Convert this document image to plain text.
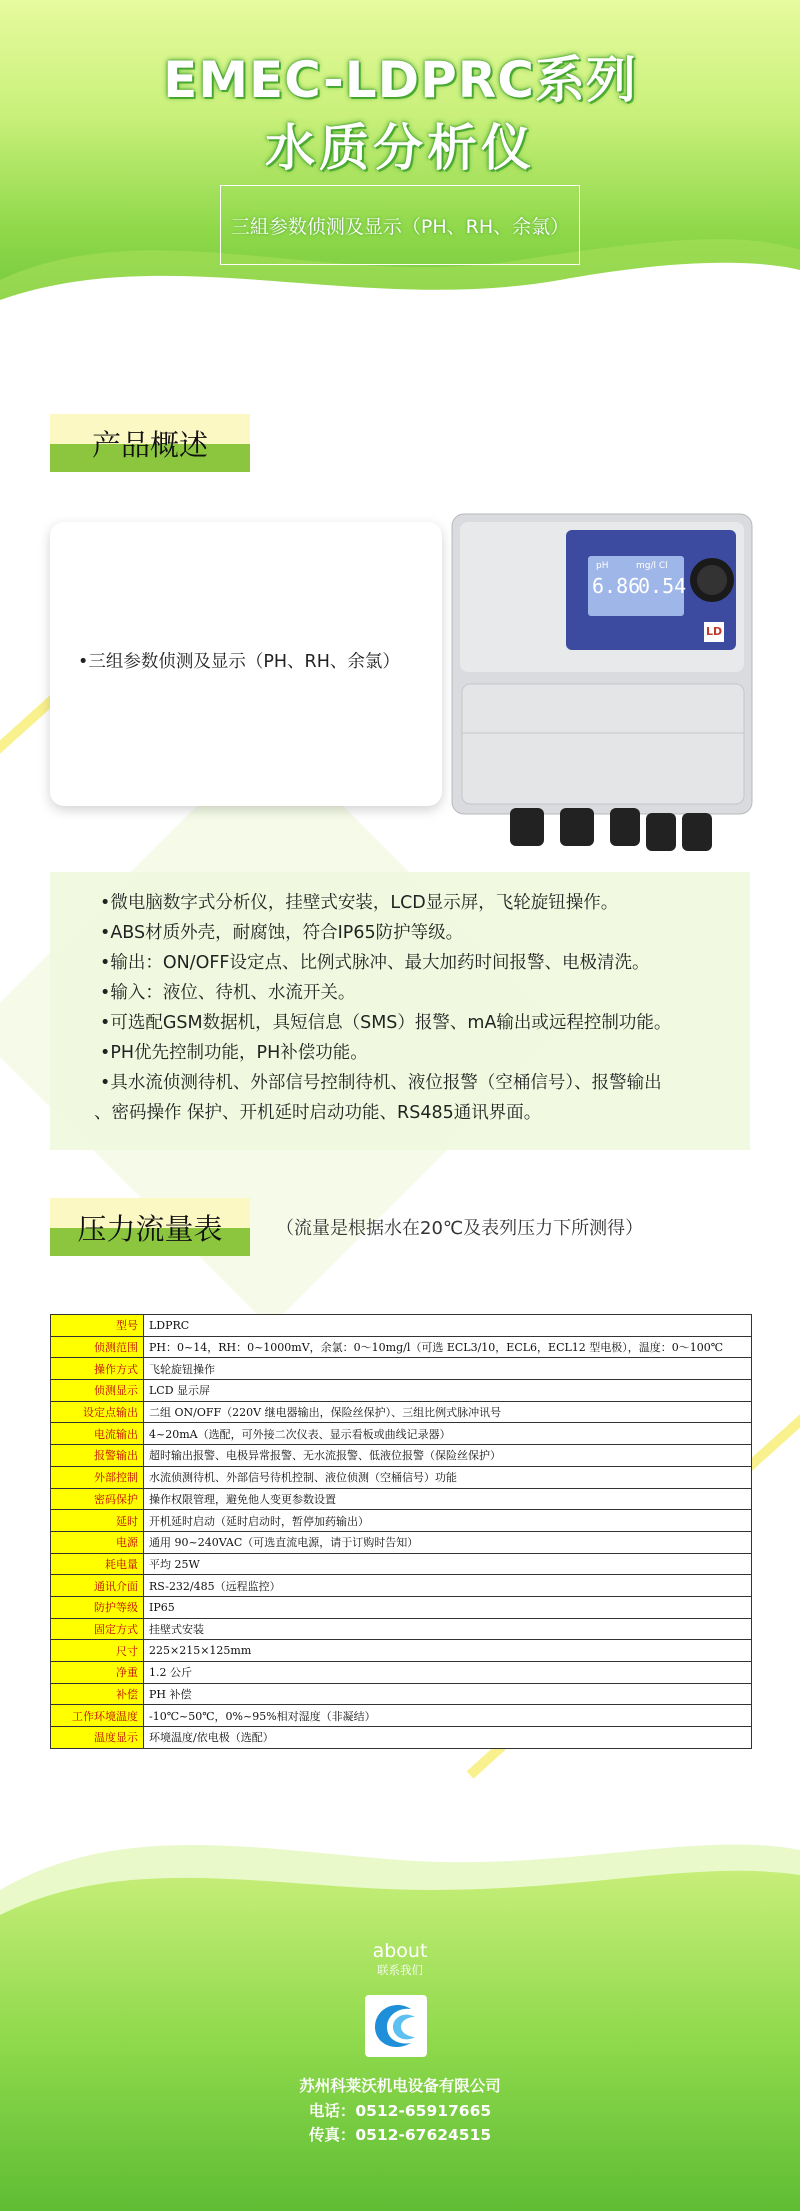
EMEC-LDPRC系列
水质分析仪
三組参数侦测及显示（PH、RH、余氯）
产品概述
•三组参数侦测及显示（PH、RH、余氯）
pH	mg/l Cl
6.86
0.54
LD
•微电脑数字式分析仪，挂壁式安装，LCD显示屏，飞轮旋钮操作。
•ABS材质外壳，耐腐蚀，符合IP65防护等级。
•输出：ON/OFF设定点、比例式脉冲、最大加药时间报警、电极清洗。
•输入：液位、待机、水流开关。
•可选配GSM数据机，具短信息（SMS）报警、mA输出或远程控制功能。
•PH优先控制功能，PH补偿功能。
•具水流侦测待机、外部信号控制待机、液位报警（空桶信号）、报警输出
、密码操作 保护、开机延时启动功能、RS485通讯界面。
压力流量表	（流量是根据水在20℃及表列压力下所测得）
型号	LDPRC
侦测范围	PH：0~14，RH：0~1000mV，余氯：0～10mg/l（可选 ECL3/10，ECL6，ECL12 型电极），温度：0～100℃
操作方式	飞轮旋钮操作
侦测显示	LCD 显示屏
设定点输出	二组 ON/OFF（220V 继电器输出，保险丝保护）、三组比例式脉冲讯号
电流输出	4~20mA（选配，可外接二次仪表、显示看板或曲线记录器）
报警输出	超时输出报警、电极异常报警、无水流报警、低液位报警（保险丝保护）
外部控制	水流侦测待机、外部信号待机控制、液位侦测（空桶信号）功能
密码保护	操作权限管理，避免他人变更参数设置
延时	开机延时启动（延时启动时，暂停加药输出）
电源	通用 90~240VAC（可选直流电源，请于订购时告知）
耗电量	平均 25W
通讯介面	RS-232/485（远程监控）
防护等级	IP65
固定方式	挂壁式安装
尺寸	225×215×125mm
净重	1.2 公斤
补偿	PH 补偿
工作环境温度	-10℃~50℃，0%~95%相对湿度（非凝结）
温度显示	环境温度/依电极（选配）
about
联系我们
苏州科莱沃机电设备有限公司
电话：0512-65917665
传真：0512-67624515
